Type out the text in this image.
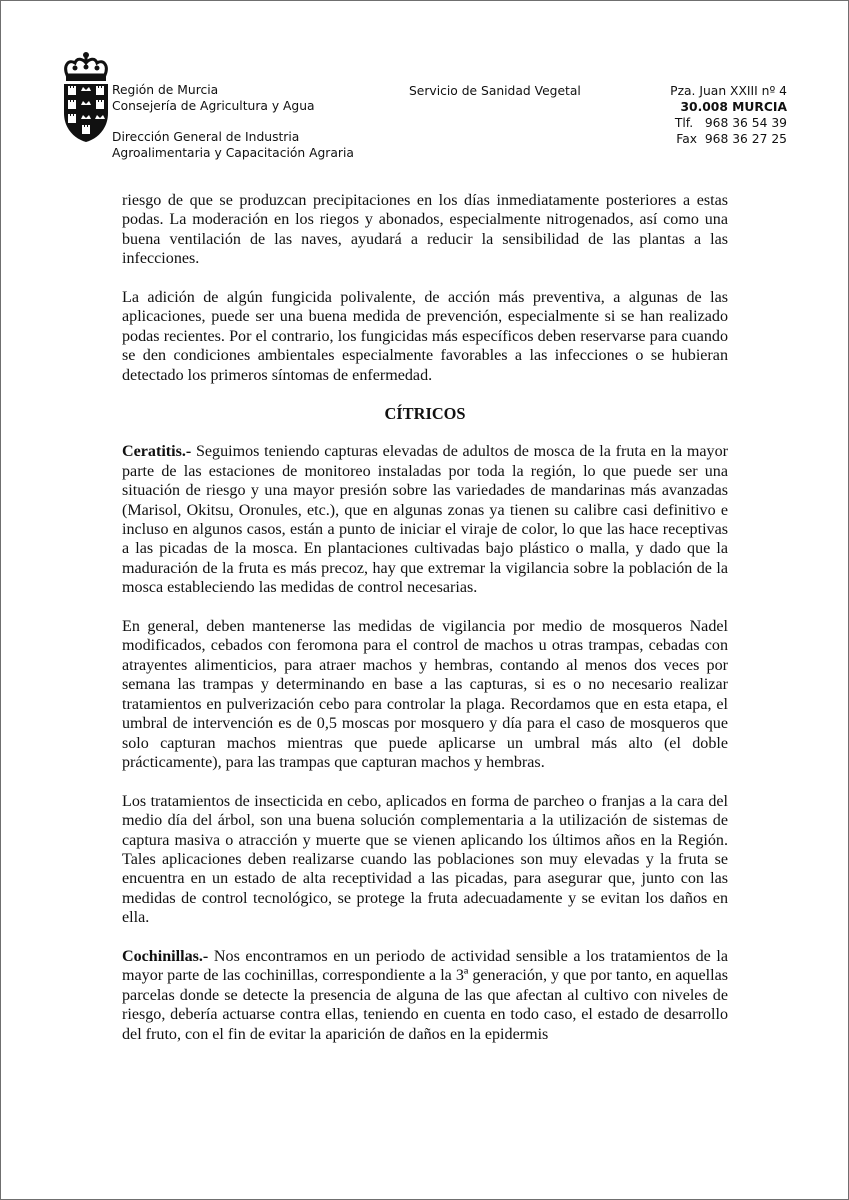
Región de Murcia
Consejería de Agricultura y Agua
Dirección General de Industria
Agroalimentaria y Capacitación Agraria
Servicio de Sanidad Vegetal	Pza. Juan XXIII nº 4
30.008 MURCIA
Tlf.   968 36 54 39
Fax  968 36 27 25

riesgo de que se produzcan precipitaciones en los días inmediatamente posteriores a estas podas. La moderación en los riegos y abonados, especialmente nitrogenados, así como una buena ventilación de las naves, ayudará a reducir la sensibilidad de las plantas a las infecciones.

La adición de algún fungicida polivalente, de acción más preventiva, a algunas de las aplicaciones, puede ser una buena medida de prevención, especialmente si se han realizado podas recientes. Por el contrario, los fungicidas más específicos deben reservarse para cuando se den condiciones ambientales especialmente favorables a las infecciones o se hubieran detectado los primeros síntomas de enfermedad.

CÍTRICOS

Ceratitis.- Seguimos teniendo capturas elevadas de adultos de mosca de la fruta en la mayor parte de las estaciones de monitoreo instaladas por toda la región, lo que puede ser una situación de riesgo y una mayor presión sobre las variedades de mandarinas más avanzadas (Marisol, Okitsu, Oronules, etc.), que en algunas zonas ya tienen su calibre casi definitivo e incluso en algunos casos, están a punto de iniciar el viraje de color, lo que las hace receptivas a las picadas de la mosca. En plantaciones cultivadas bajo plástico o malla, y dado que la maduración de la fruta es más precoz, hay que extremar la vigilancia sobre la población de la mosca estableciendo las medidas de control necesarias.

En general, deben mantenerse las medidas de vigilancia por medio de mosqueros Nadel modificados, cebados con feromona para el control de machos u otras trampas, cebadas con atrayentes alimenticios, para atraer machos y hembras, contando al menos dos veces por semana las trampas y determinando en base a las capturas, si es o no necesario realizar tratamientos en pulverización cebo para controlar la plaga. Recordamos que en esta etapa, el umbral de intervención es de 0,5 moscas por mosquero y día para el caso de mosqueros que solo capturan machos mientras que puede aplicarse un umbral más alto (el doble prácticamente), para las trampas que capturan machos y hembras.

Los tratamientos de insecticida en cebo, aplicados en forma de parcheo o franjas a la cara del medio día del árbol, son una buena solución complementaria a la utilización de sistemas de captura masiva o atracción y muerte que se vienen aplicando los últimos años en la Región. Tales aplicaciones deben realizarse cuando las poblaciones son muy elevadas y la fruta se encuentra en un estado de alta receptividad a las picadas, para asegurar que, junto con las medidas de control tecnológico, se protege la fruta adecuadamente y se evitan los daños en ella.

Cochinillas.- Nos encontramos en un periodo de actividad sensible a los tratamientos de la mayor parte de las cochinillas, correspondiente a la 3ª generación, y que por tanto, en aquellas parcelas donde se detecte la presencia de alguna de las que afectan al cultivo con niveles de riesgo, debería actuarse contra ellas, teniendo en cuenta en todo caso, el estado de desarrollo del fruto, con el fin de evitar la aparición de daños en la epidermis
